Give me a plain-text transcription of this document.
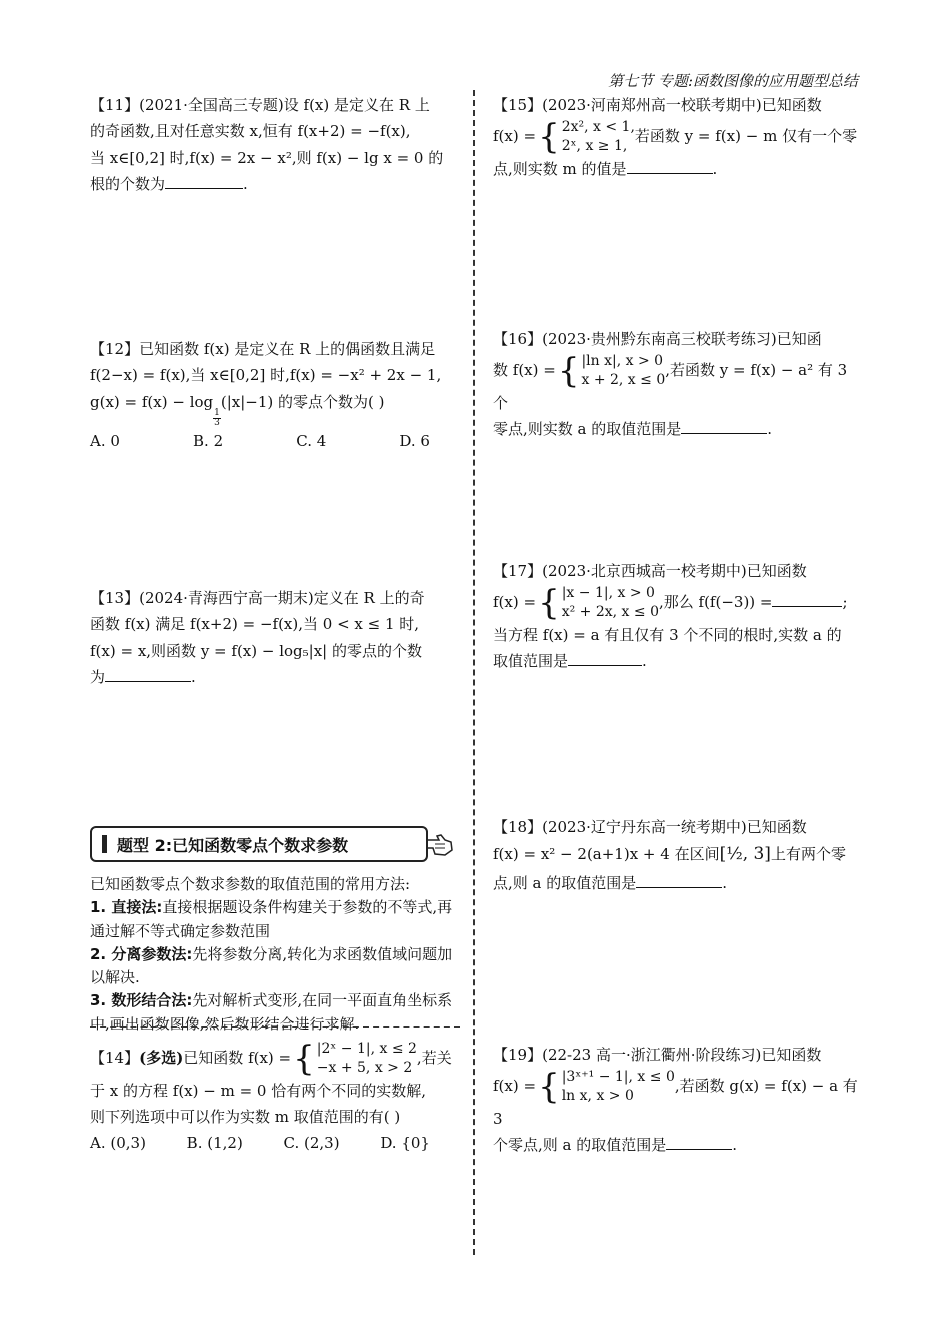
第七节 专题:函数图像的应用题型总结

【11】(2021·全国高三专题)设 f(x) 是定义在 R 上

的奇函数,且对任意实数 x,恒有 f(x+2) = −f(x),

当 x∈[0,2] 时,f(x) = 2x − x²,则 f(x) − lg x = 0 的

根的个数为	.

【12】已知函数 f(x) 是定义在 R 上的偶函数且满足

f(2−x) = f(x),当 x∈[0,2] 时,f(x) = −x² + 2x − 1,

g(x) = f(x) − log
$\frac{1}{3}$
(|x|−1) 的零点个数为( )

A. 0	B. 2	C. 4	D. 6

【13】(2024·青海西宁高一期末)定义在 R 上的奇

函数 f(x) 满足 f(x+2) = −f(x),当 0 < x ≤ 1 时,

f(x) = x,则函数 y = f(x) − log₅|x| 的零点的个数

为	.

题型 2:已知函数零点个数求参数

已知函数零点个数求参数的取值范围的常用方法:

1. 直接法:直接根据题设条件构建关于参数的不等式,再通过解不等式确定参数范围

2. 分离参数法:先将参数分离,转化为求函数值域问题加以解决.

3. 数形结合法:先对解析式变形,在同一平面直角坐标系中,画出函数图像,然后数形结合进行求解.

【14】(多选)已知函数 f(x) = { |2ˣ − 1|, x ≤ 2
−x + 5, x > 2
,若关

于 x 的方程 f(x) − m = 0 恰有两个不同的实数解,

则下列选项中可以作为实数 m 取值范围的有( )

A. (0,3)	B. (1,2)	C. (2,3)	D. {0}

【15】(2023·河南郑州高一校联考期中)已知函数

f(x) = { 2x², x < 1,
2ˣ, x ≥ 1,
若函数 y = f(x) − m 仅有一个零

点,则实数 m 的值是	.

【16】(2023·贵州黔东南高三校联考练习)已知函

数 f(x) = { |ln x|, x > 0
x + 2, x ≤ 0
,若函数 y = f(x) − a² 有 3 个

零点,则实数 a 的取值范围是	.

【17】(2023·北京西城高一校考期中)已知函数

f(x) = { |x − 1|, x > 0
x² + 2x, x ≤ 0
,那么 f(f(−3)) =	;

当方程 f(x) = a 有且仅有 3 个不同的根时,实数 a 的

取值范围是	.

【18】(2023·辽宁丹东高一统考期中)已知函数

f(x) = x² − 2(a+1)x + 4 在区间[½, 3]上有两个零

点,则 a 的取值范围是	.

【19】(22-23 高一·浙江衢州·阶段练习)已知函数

f(x) = { |3ˣ⁺¹ − 1|, x ≤ 0
ln x, x > 0
,若函数 g(x) = f(x) − a 有 3

个零点,则 a 的取值范围是	.
